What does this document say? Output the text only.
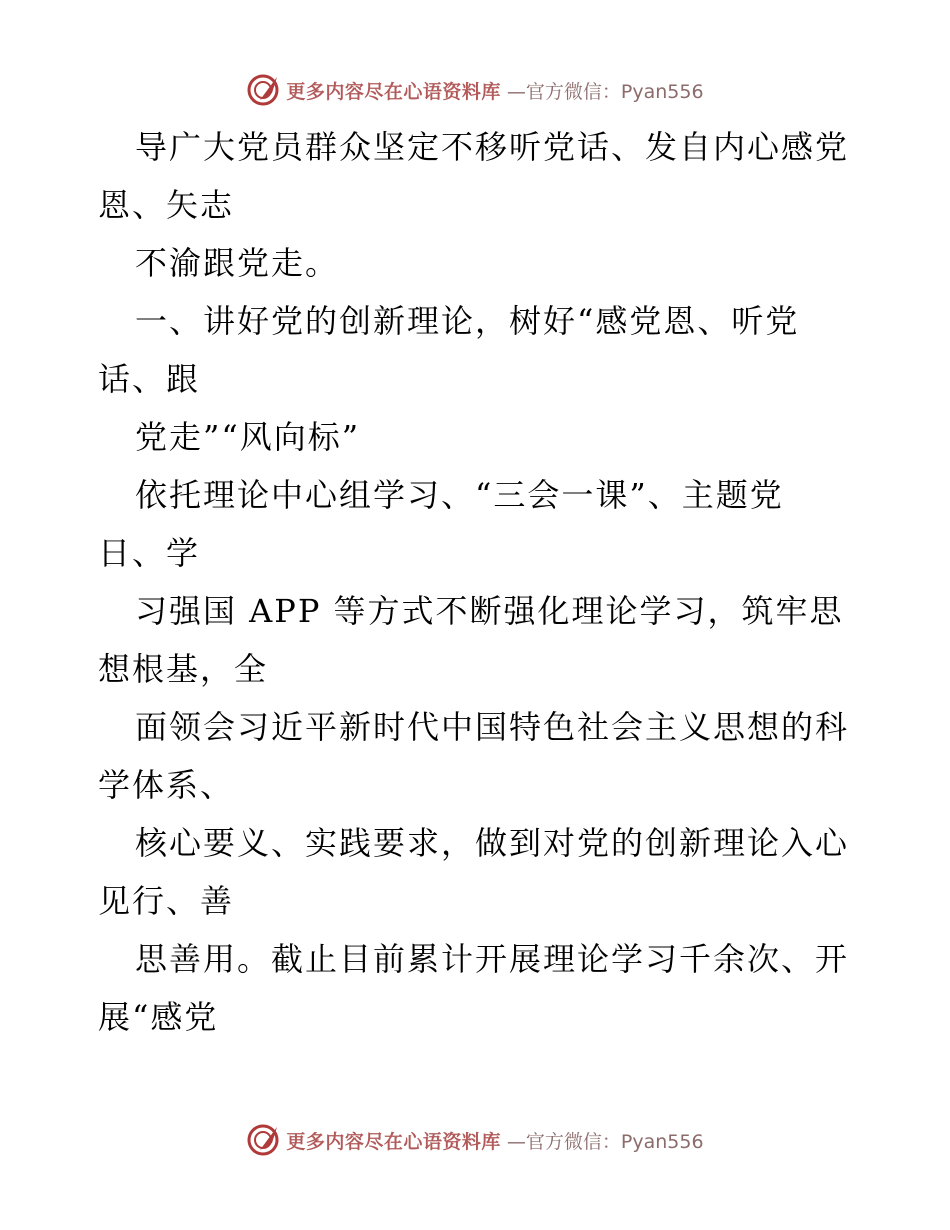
更多内容尽在心语资料库 —官方微信：Pyan556
导广大党员群众坚定不移听党话、发自内心感党
恩、矢志
不渝跟党走。
一、讲好党的创新理论，树好“感党恩、听党
话、跟
党走”“风向标”
依托理论中心组学习、“三会一课”、主题党
日、学
习强国 APP 等方式不断强化理论学习，筑牢思
想根基，全
面领会习近平新时代中国特色社会主义思想的科
学体系、
核心要义、实践要求，做到对党的创新理论入心
见行、善
思善用。截止目前累计开展理论学习千余次、开
展“感党
更多内容尽在心语资料库 —官方微信：Pyan556
